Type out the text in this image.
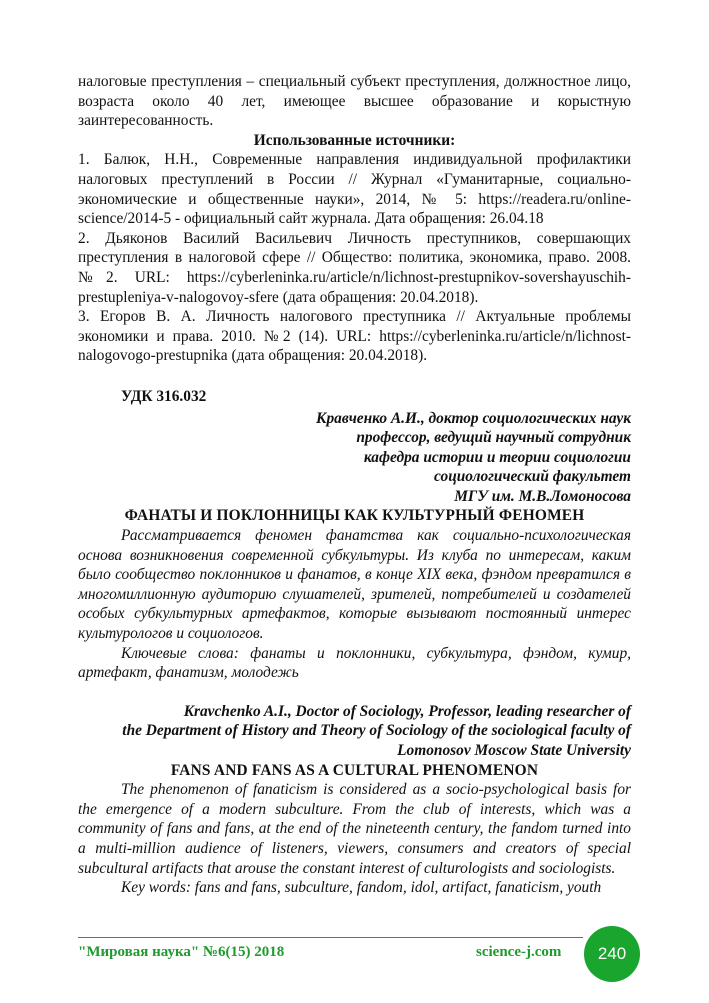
налоговые преступления – специальный субъект преступления, должностное лицо, возраста около 40 лет, имеющее высшее образование и корыстную заинтересованность.

Использованные источники:

1. Балюк, Н.Н., Современные направления индивидуальной профилактики налоговых преступлений в России // Журнал «Гуманитарные, социально-экономические и общественные науки», 2014, № 5: https://readera.ru/online-science/2014-5 - официальный сайт журнала. Дата обращения: 26.04.18

2. Дьяконов Василий Васильевич Личность преступников, совершающих преступления в налоговой сфере // Общество: политика, экономика, право. 2008. №2. URL: https://cyberleninka.ru/article/n/lichnost-prestupnikov-sovershayuschih-prestupleniya-v-nalogovoy-sfere (дата обращения: 20.04.2018).

3. Егоров В. А. Личность налогового преступника // Актуальные проблемы экономики и права. 2010. №2 (14). URL: https://cyberleninka.ru/article/n/lichnost-nalogovogo-prestupnika (дата обращения: 20.04.2018).

УДК 316.032

Кравченко А.И., доктор социологических наук

профессор, ведущий научный сотрудник

кафедра истории и теории социологии

социологический факультет

МГУ им. М.В.Ломоносова

ФАНАТЫ И ПОКЛОННИЦЫ КАК КУЛЬТУРНЫЙ ФЕНОМЕН

Рассматривается феномен фанатства как социально-психологическая основа возникновения современной субкультуры. Из клуба по интересам, каким было сообщество поклонников и фанатов, в конце XIX века, фэндом превратился в многомиллионную аудиторию слушателей, зрителей, потребителей и создателей особых субкультурных артефактов, которые вызывают постоянный интерес культурологов и социологов.

Ключевые слова: фанаты и поклонники, субкультура, фэндом, кумир, артефакт, фанатизм, молодежь

Kravchenko A.I., Doctor of Sociology, Professor, leading researcher of

the Department of History and Theory of Sociology of the sociological faculty of

Lomonosov Moscow State University

FANS AND FANS AS A CULTURAL PHENOMENON

The phenomenon of fanaticism is considered as a socio-psychological basis for the emergence of a modern subculture. From the club of interests, which was a community of fans and fans, at the end of the nineteenth century, the fandom turned into a multi-million audience of listeners, viewers, consumers and creators of special subcultural artifacts that arouse the constant interest of culturologists and sociologists.

Key words: fans and fans, subculture, fandom, idol, artifact, fanaticism, youth

"Мировая наука" №6(15) 2018	science-j.com 240
